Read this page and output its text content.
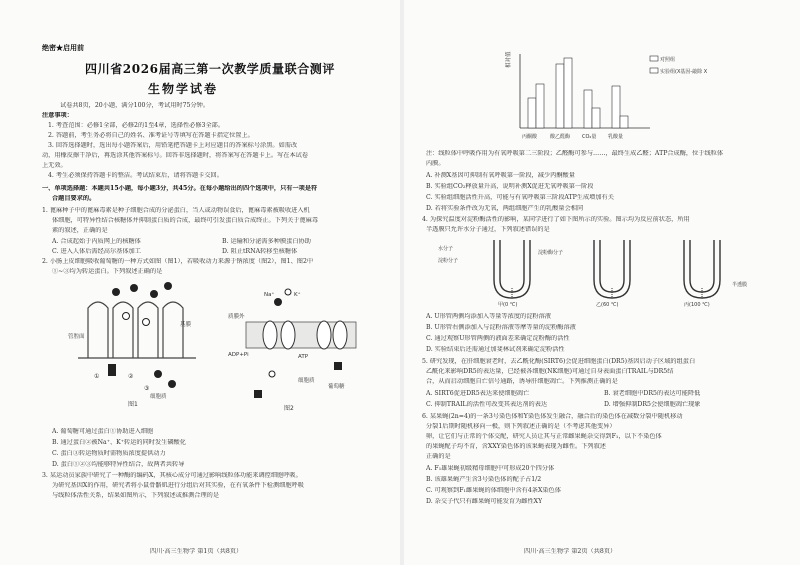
绝密★启用前
四川省2026届高三第一次教学质量联合测评
生物学试卷
试卷共8页，20小题，满分100分，考试用时75分钟。
注意事项：
1. 考查范围：必修1全部，必修2的1至4章，选择性必修3全部。
2. 答题前，考生务必将自己的姓名、准考证号等填写在答题卡指定位置上。
3. 回答选择题时，选出每小题答案后，用铅笔把答题卡上对应题目的答案标号涂黑。如需改
动，用橡皮擦干净后，再选涂其他答案标号。回答非选择题时，将答案写在答题卡上。写在本试卷
上无效。
4. 考生必须保持答题卡的整洁。考试结束后，请将答题卡交回。
一、单项选择题：本题共15小题，每小题3分，共45分。在每小题给出的四个选项中，只有一项是符
合题目要求的。
1. 蓖麻种子中的蓖麻毒素是种子细胞合成的分泌蛋白，当人或动物误食后，蓖麻毒素被吸收进入机
体细胞，可特异性结合核糖体并抑制蛋白质的合成，最终可引发蛋白质合成终止。下列关于蓖麻毒
素的叙述，正确的是
A. 合成起始于内质网上的核糖体	B. 运输和分泌需多种膜蛋白协助
C. 进入人体后需经高尔基体加工	D. 阻止tRNA转移至核糖体
2. 小肠上皮细胞吸收葡萄糖的一种方式如图（图1），若吸收动力来源于钠浓度（图2），图1、图2中
①~③均为转运蛋白。下列叙述正确的是
管腔面
基膜
①	②
③
细胞质
图1
Na⁺	K⁺
质膜外
ADP+Pi	ATP
细胞质
葡萄糖
图2
A. 葡萄糖可通过蛋白①协助进入细胞
B. 通过蛋白②被Na⁺、K⁺转运的同时发生磷酸化
C. 蛋白③转运物质时需物质浓度提供动力
D. 蛋白①②③均能够特异性结合，故两者共转导
3. 某运动员家族中研究了一种酶的编码X，其核心成分可通过影响线粒体功能来调控细胞呼吸。
为研究基因X的作用，研究者将小鼠骨骼肌进行分组后对其实验，在有氧条件下检测细胞呼吸
与线粒体活性关系，结果如图所示，下列叙述或推测合理的是
四川·高三生物学 第1页（共8页）
相对值
丙酮酸	酸乙醛酶 CO₂量 乳酸量
对照组
实验组(X基因-敲除 X
注：线粒体中呼吸作用为有氧呼吸第二三阶段；乙醛酶可参与……，最终生成乙醛；ATP合成酶，位于线粒体
内膜。
A. 补测X基因可抑制有氧呼吸第一阶段，减少丙酮酸量
B. 实验组CO₂释放量升高，说明补测X促进无氧呼吸第一阶段
C. 实验组细胞活性升高，可能与有氧呼吸第三阶段ATP生成增加有关
D. 若将实验条件改为无氧，两组细胞产生的乳酸量会相同
4. 为探究温度对淀粉酶活性的影响，某同学进行了如下图所示的实验。图示均为反应前状态，所用
半透膜只允许水分子通过，下列叙述错误的是
水分子
淀粉分子
淀粉酶分子
半透膜
甲(0 ℃)	乙(60 ℃)	丙(100 ℃)
A. U形管两侧均添加入等量等浓度的淀粉溶液
B. U形管右侧添加入与淀粉溶液等摩等量的淀粉酶溶液
C. 通过观察U形管两侧的液面差来确定淀粉酶的活性
D. 实验结束后还需通过加斐林试剂来确定淀粉活性
5. 研究发现，在肝细胞衰老时，去乙酰化酶(SIRT6)会促进细胞蛋白(DR5)基因启动子区域的组蛋白
乙酰化来影响DR5的表达量，已经被各细胞(NK细胞)可通过自身表面蛋白TRAIL与DR5结
合，从而启动细胞自亡信号通路，诱导肝细胞凋亡。下列推测正确的是
A. SIRT6促进DR5表达来使细胞凋亡	B. 衰老细胞中DR5的表达可能降低
C. 抑制TRAIL的活性可改变其表达剂的表达	D. 增强抑制DR5会使细胞凋亡现象
6. 某果蝇(2n=4)的一条3号染色体和Y染色体发生融合，融合后的染色体在减数分裂中随机移动
分裂1后期时随机移向一极，则下列叙述正确的是（不考虑其他变异）
卵，让它们与正常的个体交配，研究人员让其与正常雌果蝇杂交得到F₁，以下不染色体
的果蝇配子均不育，含XXY染色体的该果蝇表现为雌性。下列叙述
正确的是
A. F₁雄果蝇初级精母细胞中可形成20个四分体
B. 该雄果蝇产生含3号染色体的配子占1/2
C. 可观察到F₁雌果蝇的体细胞中含有4条X染色体
D. 杂交子代只有雌果蝇可能发育为雌性XY
四川·高三生物学 第2页（共8页）
